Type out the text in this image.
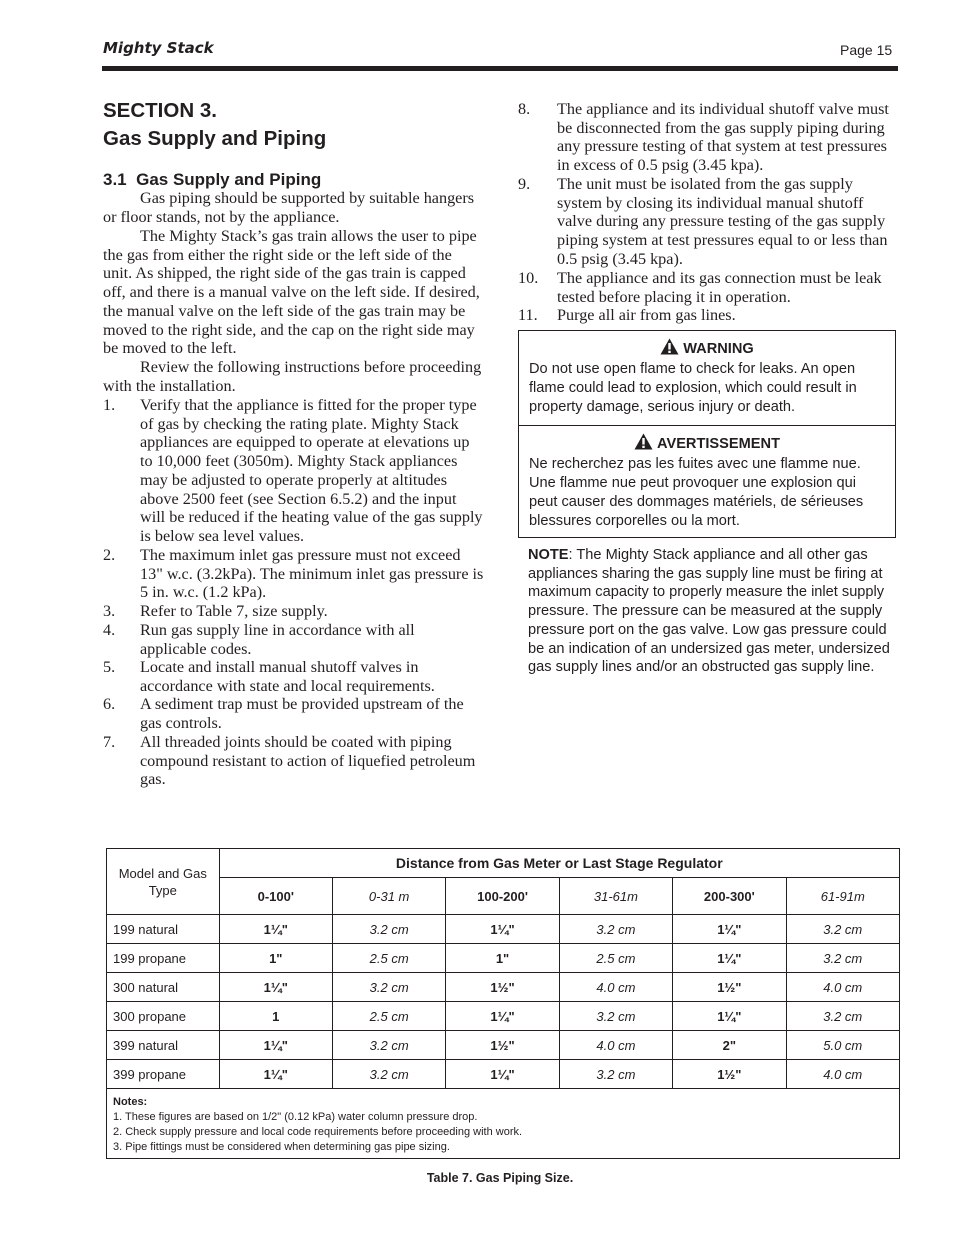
Mighty Stack	Page 15
SECTION 3.
Gas Supply and Piping
3.1 Gas Supply and Piping
Gas piping should be supported by suitable hangers or floor stands, not by the appliance.
The Mighty Stack’s gas train allows the user to pipe the gas from either the right side or the left side of the unit. As shipped, the right side of the gas train is capped off, and there is a manual valve on the left side. If desired, the manual valve on the left side of the gas train may be moved to the right side, and the cap on the right side may be moved to the left.
Review the following instructions before proceeding with the installation.
1. Verify that the appliance is fitted for the proper type of gas by checking the rating plate. Mighty Stack appliances are equipped to operate at elevations up to 10,000 feet (3050m). Mighty Stack appliances may be adjusted to operate properly at altitudes above 2500 feet (see Section 6.5.2) and the input will be reduced if the heating value of the gas supply is below sea level values.
2. The maximum inlet gas pressure must not exceed 13" w.c. (3.2kPa). The minimum inlet gas pressure is 5 in. w.c. (1.2 kPa).
3. Refer to Table 7, size supply.
4. Run gas supply line in accordance with all applicable codes.
5. Locate and install manual shutoff valves in accordance with state and local requirements.
6. A sediment trap must be provided upstream of the gas controls.
7. All threaded joints should be coated with piping compound resistant to action of liquefied petroleum gas.
8. The appliance and its individual shutoff valve must be disconnected from the gas supply piping during any pressure testing of that system at test pressures in excess of 0.5 psig (3.45 kpa).
9. The unit must be isolated from the gas supply system by closing its individual manual shutoff valve during any pressure testing of the gas supply piping system at test pressures equal to or less than 0.5 psig (3.45 kpa).
10. The appliance and its gas connection must be leak tested before placing it in operation.
11. Purge all air from gas lines.
WARNING
Do not use open flame to check for leaks. An open flame could lead to explosion, which could result in property damage, serious injury or death.
AVERTISSEMENT
Ne recherchez pas les fuites avec une flamme nue. Une flamme nue peut provoquer une explosion qui peut causer des dommages matériels, de sérieuses blessures corporelles ou la mort.
NOTE: The Mighty Stack appliance and all other gas appliances sharing the gas supply line must be firing at maximum capacity to properly measure the inlet supply pressure. The pressure can be measured at the supply pressure port on the gas valve. Low gas pressure could be an indication of an undersized gas meter, undersized gas supply lines and/or an obstructed gas supply line.
Model and Gas Type	Distance from Gas Meter or Last Stage Regulator					
	0-100'	0-31 m	100-200'	31-61m	200-300'	61-91m
199 natural	1¼"	3.2 cm	1¼"	3.2 cm	1¼"	3.2 cm
199 propane	1"	2.5 cm	1"	2.5 cm	1¼"	3.2 cm
300 natural	1¼"	3.2 cm	1½"	4.0 cm	1½"	4.0 cm
300 propane	1	2.5 cm	1¼"	3.2 cm	1¼"	3.2 cm
399 natural	1¼"	3.2 cm	1½"	4.0 cm	2"	5.0 cm
399 propane	1¼"	3.2 cm	1¼"	3.2 cm	1½"	4.0 cm

Notes:
1. These figures are based on 1/2" (0.12 kPa) water column pressure drop.
2. Check supply pressure and local code requirements before proceeding with work.
3. Pipe fittings must be considered when determining gas pipe sizing.						
Table 7. Gas Piping Size.
